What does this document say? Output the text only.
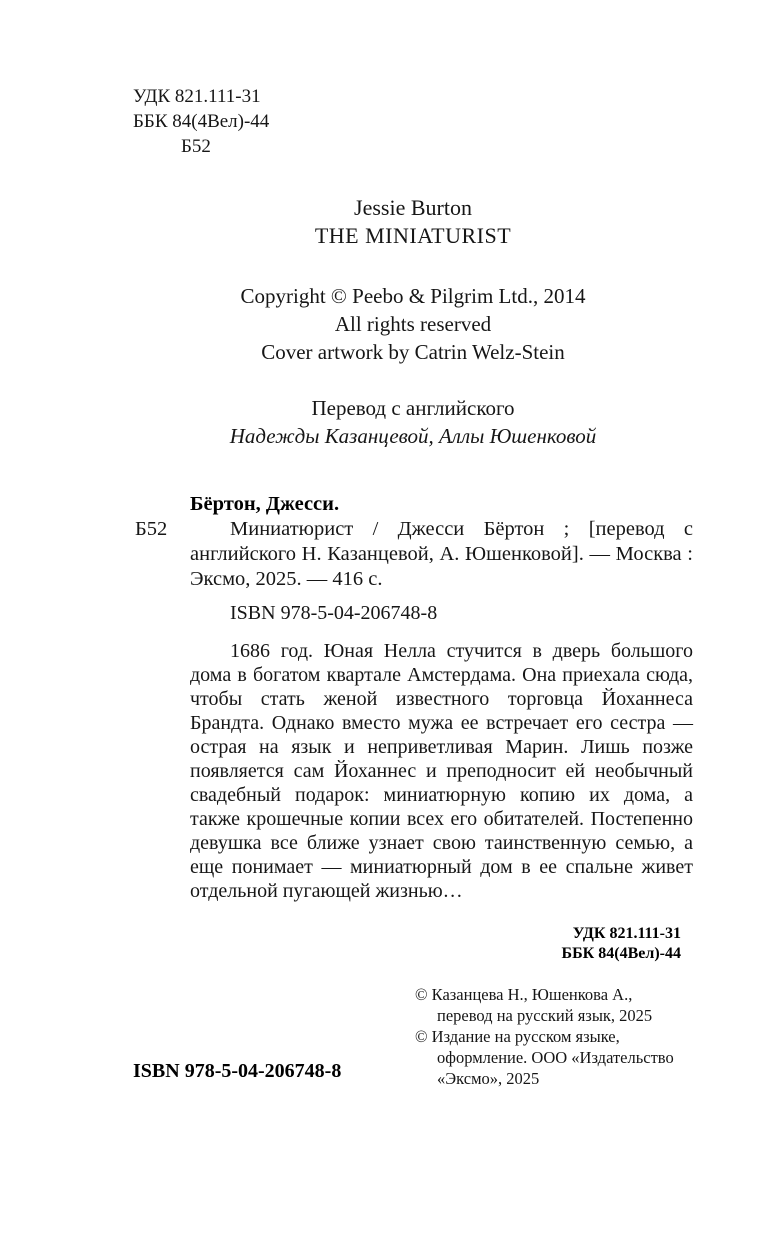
УДК 821.111-31
ББК 84(4Вел)-44
Б52
Jessie Burton
THE MINIATURIST
Copyright © Peebo & Pilgrim Ltd., 2014
All rights reserved
Cover artwork by Catrin Welz-Stein
Перевод с английского
Надежды Казанцевой, Аллы Юшенковой
Бёртон, Джесси.
Б52	Миниатюрист / Джесси Бёртон ; [перевод с английского Н. Казанцевой, А. Юшенковой]. — Москва : Эксмо, 2025. — 416 с.
ISBN 978-5-04-206748-8
1686 год. Юная Нелла стучится в дверь большого дома в богатом квартале Амстердама. Она приехала сюда, чтобы стать женой известного торговца Йоханнеса Брандта. Однако вместо мужа ее встречает его сестра — острая на язык и неприветливая Марин. Лишь позже появляется сам Йоханнес и преподносит ей необычный свадебный подарок: миниатюрную копию их дома, а также крошечные копии всех его обитателей. Постепенно девушка все ближе узнает свою таинственную семью, а еще понимает — миниатюрный дом в ее спальне живет отдельной пугающей жизнью…
УДК 821.111-31
ББК 84(4Вел)-44
© Казанцева Н., Юшенкова А.,
перевод на русский язык, 2025
© Издание на русском языке,
оформление. ООО «Издательство
«Эксмо», 2025
ISBN 978-5-04-206748-8
